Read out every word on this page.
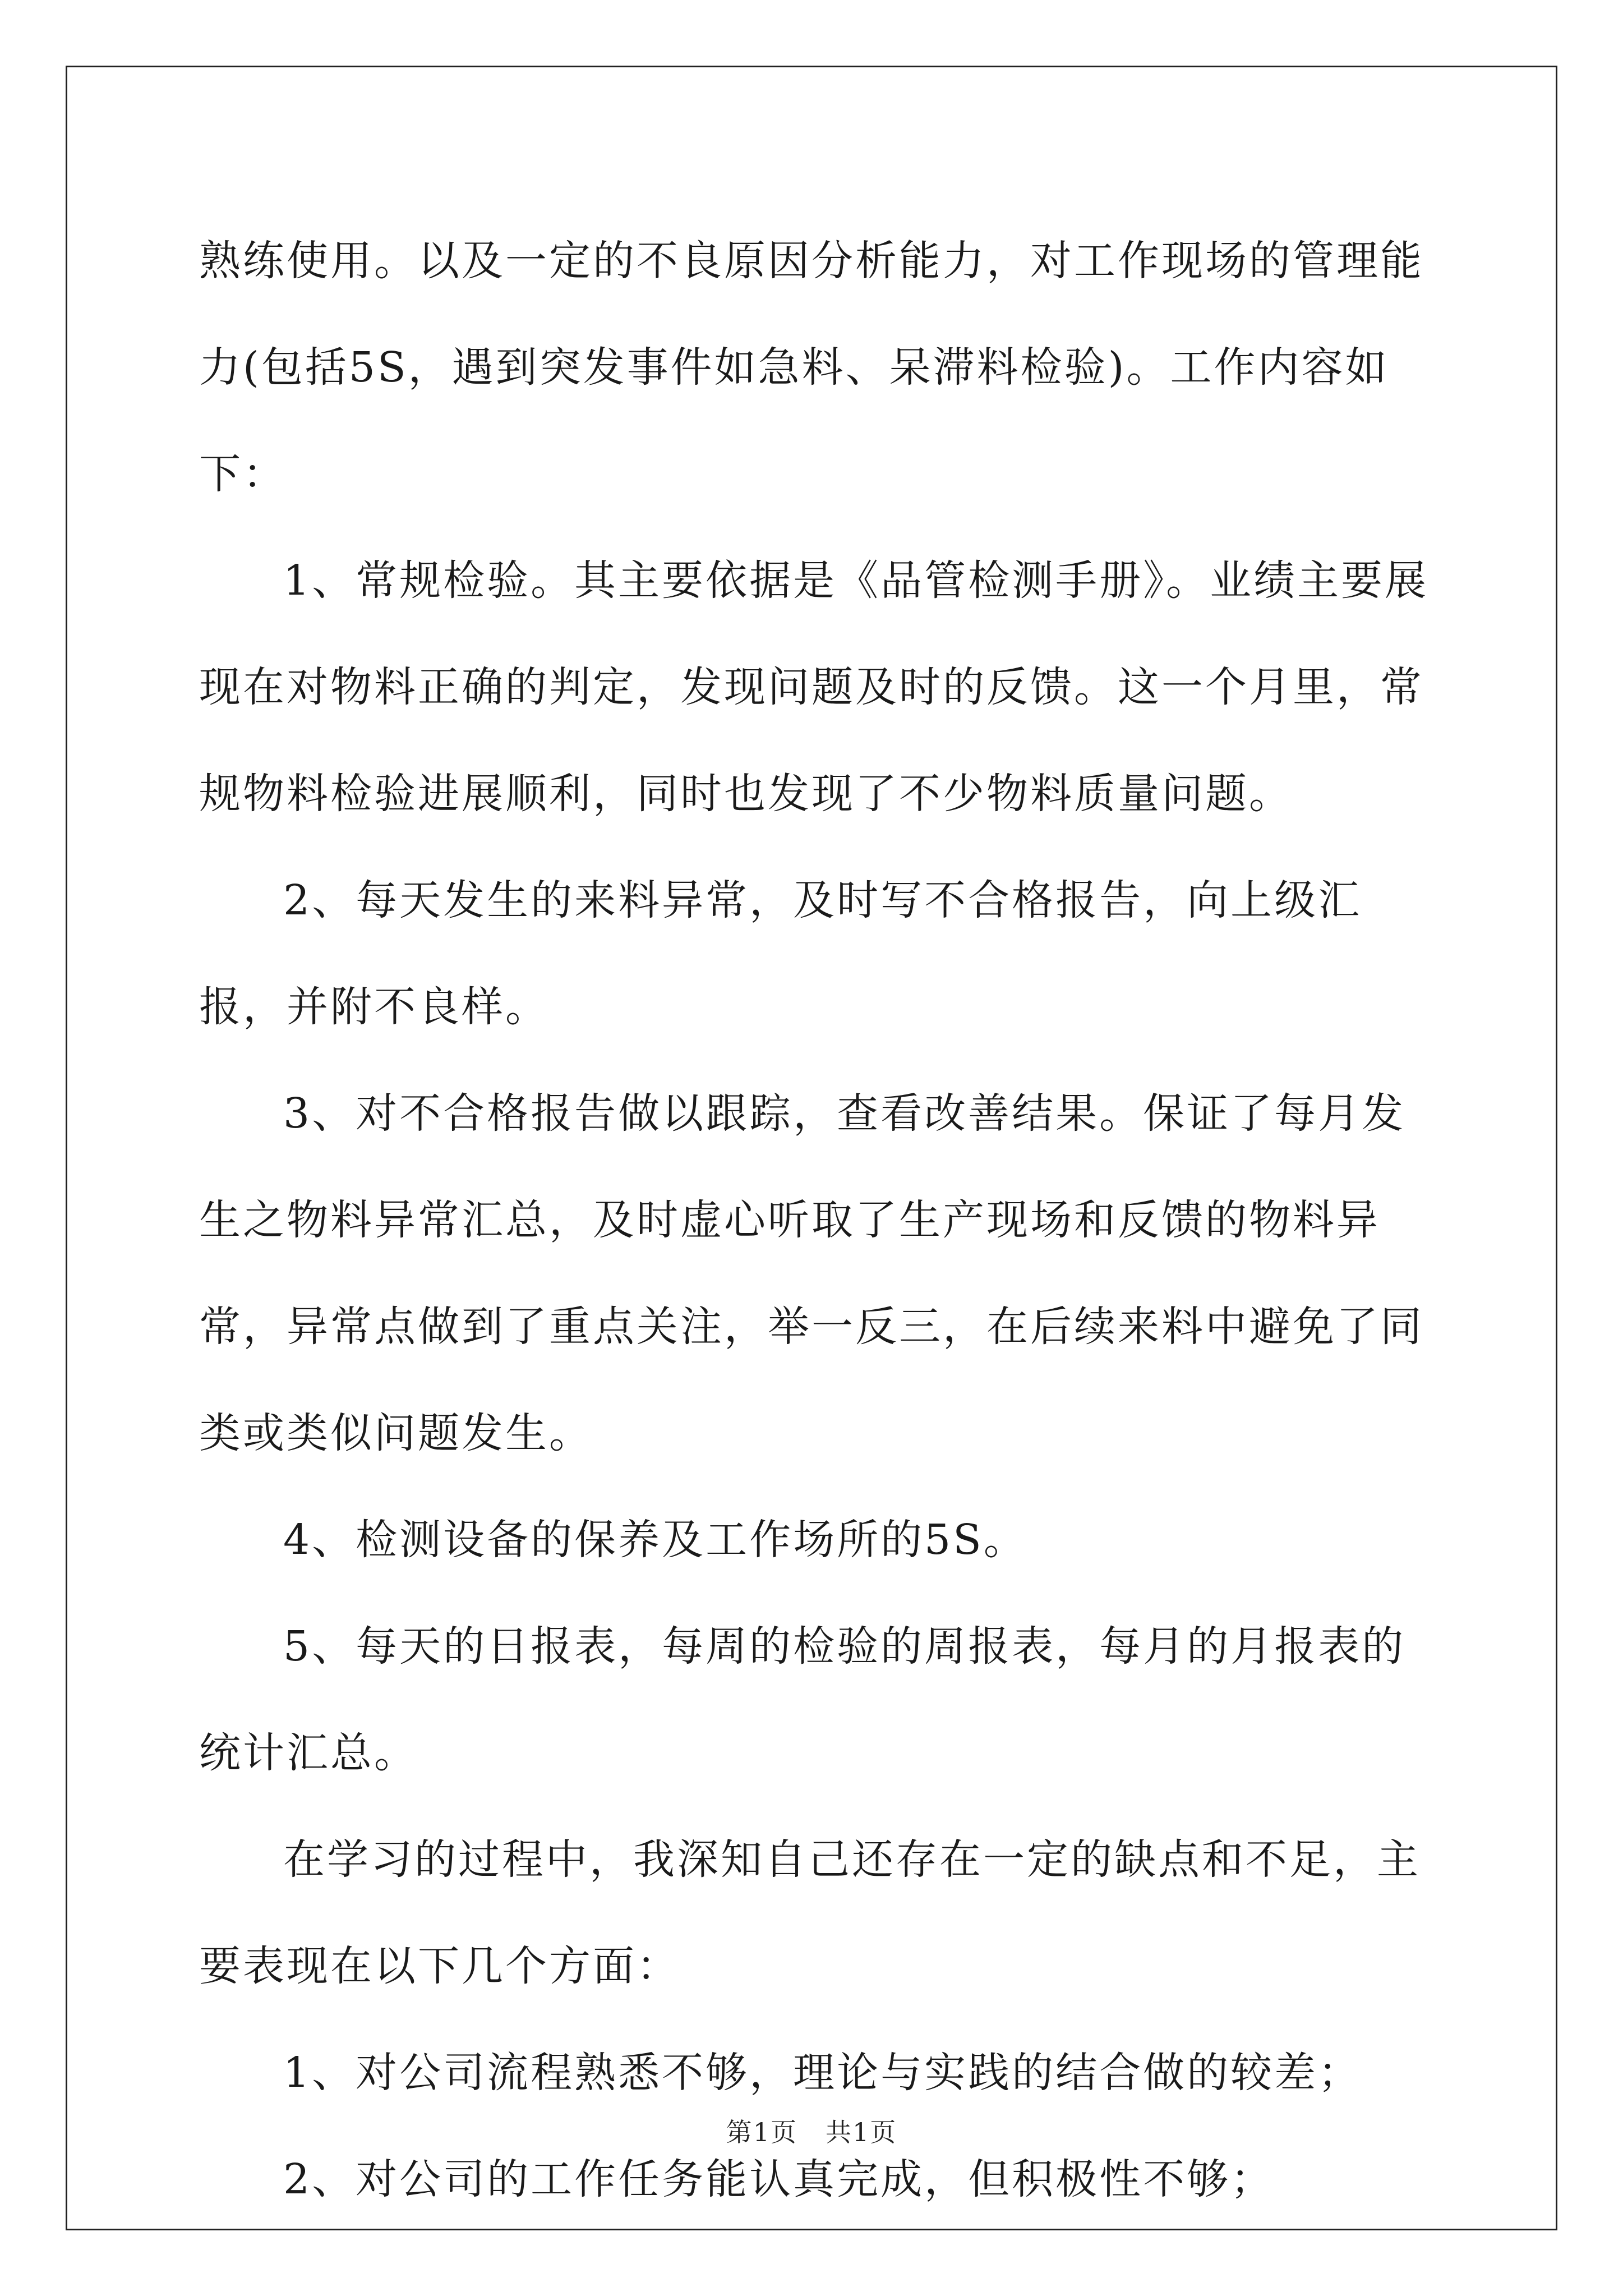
熟练使用。以及一定的不良原因分析能力，对工作现场的管理能力(包括5S，遇到突发事件如急料、呆滞料检验)。工作内容如下：

1、常规检验。其主要依据是《品管检测手册》。业绩主要展现在对物料正确的判定，发现问题及时的反馈。这一个月里，常规物料检验进展顺利，同时也发现了不少物料质量问题。

2、每天发生的来料异常，及时写不合格报告，向上级汇报，并附不良样。

3、对不合格报告做以跟踪，查看改善结果。保证了每月发生之物料异常汇总，及时虚心听取了生产现场和反馈的物料异常，异常点做到了重点关注，举一反三，在后续来料中避免了同类或类似问题发生。

4、检测设备的保养及工作场所的5S。

5、每天的日报表，每周的检验的周报表，每月的月报表的统计汇总。

在学习的过程中，我深知自己还存在一定的缺点和不足，主要表现在以下几个方面：

1、对公司流程熟悉不够，理论与实践的结合做的较差；

2、对公司的工作任务能认真完成，但积极性不够；

第1页 共1页
